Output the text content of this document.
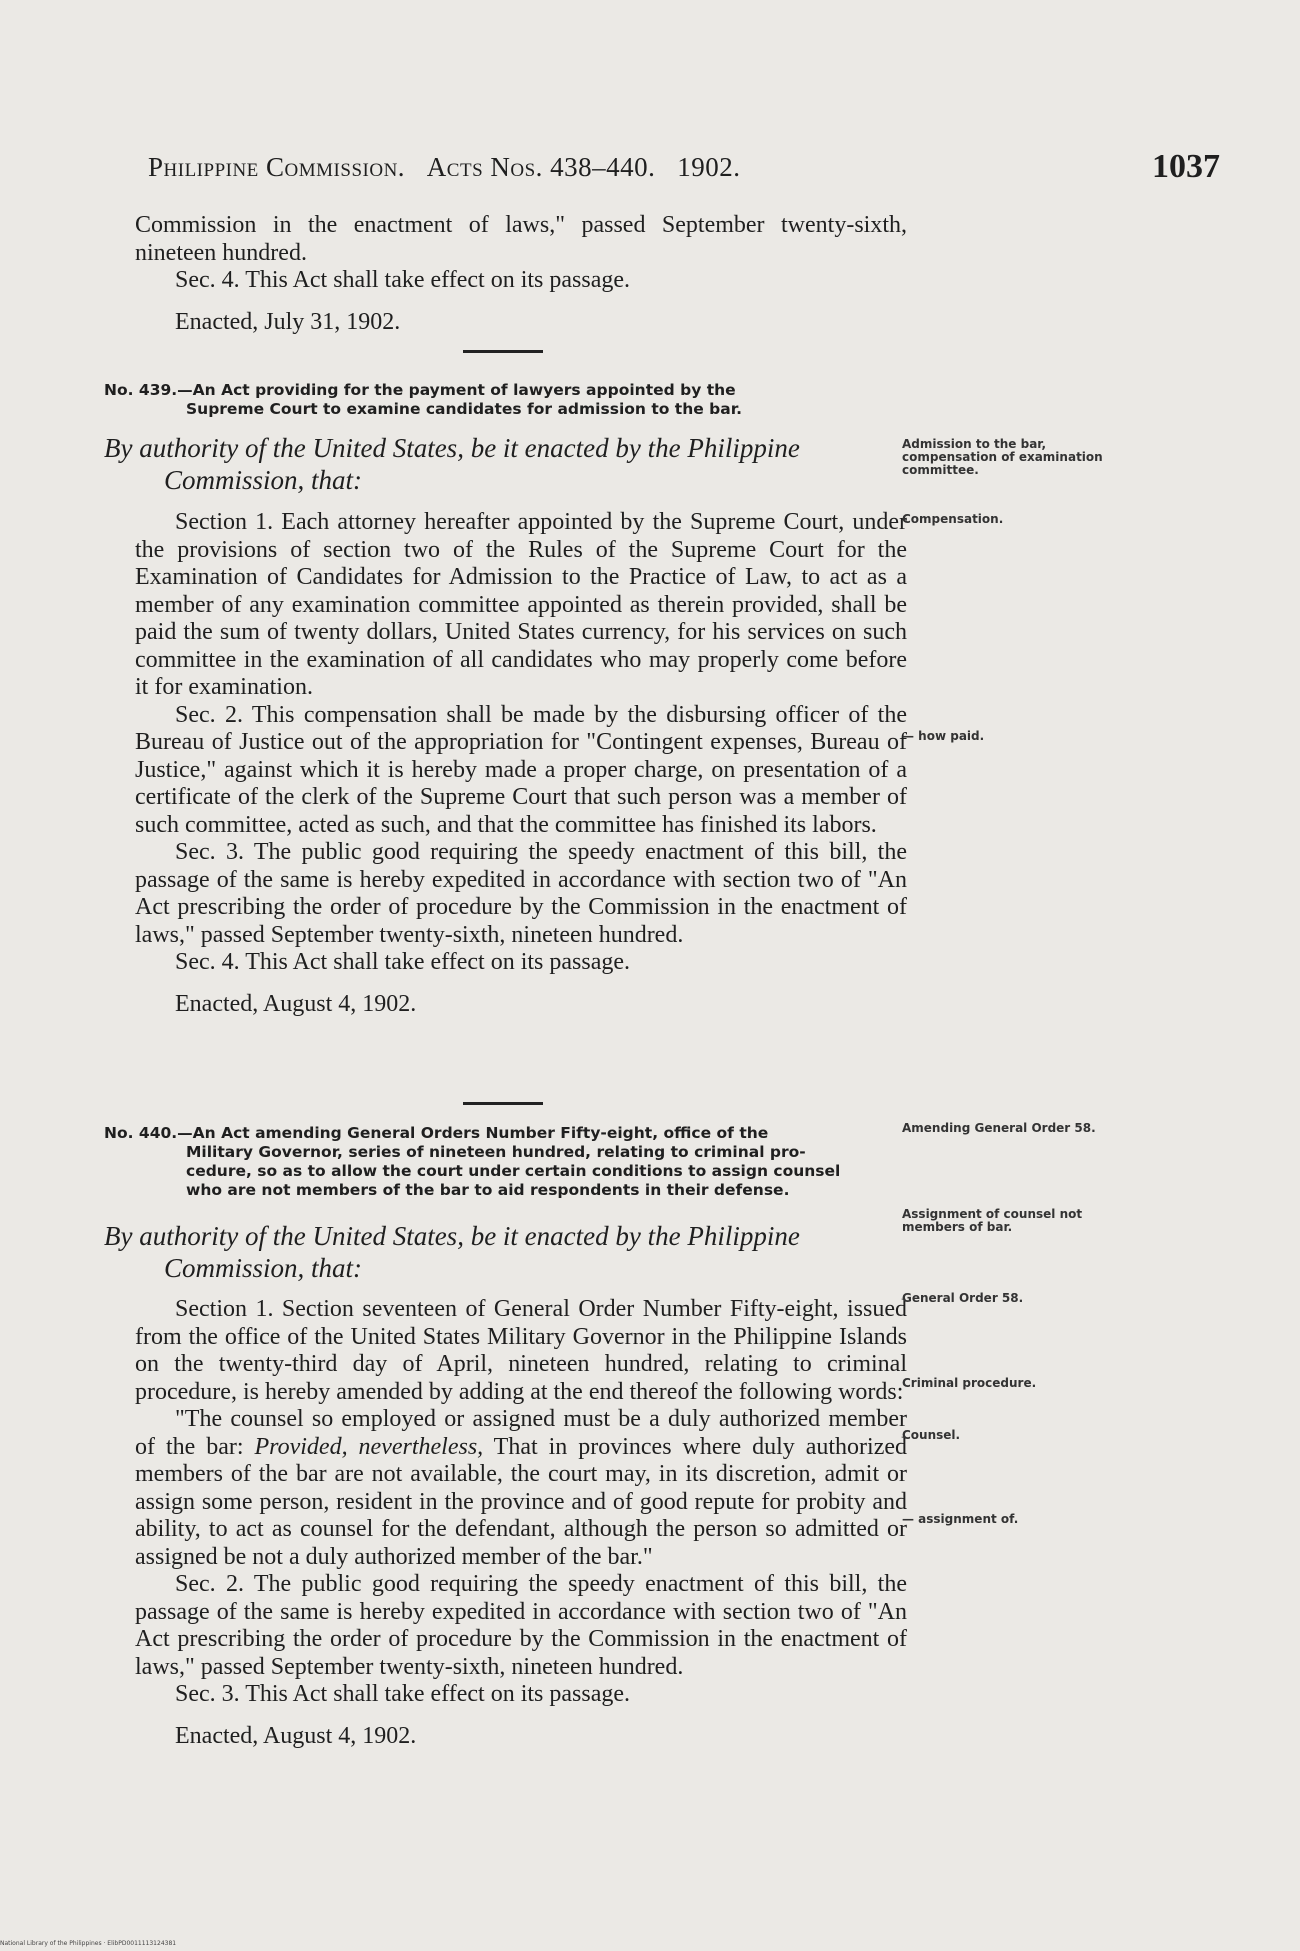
Philippine Commission. Acts Nos. 438–440. 1902.	1037

Commission in the enactment of laws," passed September twenty-sixth, nineteen hundred.

Sec. 4. This Act shall take effect on its passage.

Enacted, July 31, 1902.

No. 439.—An Act providing for the payment of lawyers appointed by the
Supreme Court to examine candidates for admission to the bar.
By authority of the United States, be it enacted by the Philippine
Commission, that:

Section 1. Each attorney hereafter appointed by the Supreme Court, under the provisions of section two of the Rules of the Supreme Court for the Examination of Candidates for Admission to the Practice of Law, to act as a member of any examination committee appointed as therein provided, shall be paid the sum of twenty dollars, United States currency, for his services on such committee in the examination of all candidates who may properly come before it for examination.

Sec. 2. This compensation shall be made by the disbursing officer of the Bureau of Justice out of the appropriation for "Contingent expenses, Bureau of Justice," against which it is hereby made a proper charge, on presentation of a certificate of the clerk of the Supreme Court that such person was a member of such committee, acted as such, and that the committee has finished its labors.

Sec. 3. The public good requiring the speedy enactment of this bill, the passage of the same is hereby expedited in accordance with section two of "An Act prescribing the order of procedure by the Commission in the enactment of laws," passed September twenty-sixth, nineteen hundred.

Sec. 4. This Act shall take effect on its passage.

Enacted, August 4, 1902.

No. 440.—An Act amending General Orders Number Fifty-eight, office of the
Military Governor, series of nineteen hundred, relating to criminal pro-
cedure, so as to allow the court under certain conditions to assign counsel
who are not members of the bar to aid respondents in their defense.
By authority of the United States, be it enacted by the Philippine
Commission, that:

Section 1. Section seventeen of General Order Number Fifty-eight, issued from the office of the United States Military Governor in the Philippine Islands on the twenty-third day of April, nineteen hundred, relating to criminal procedure, is hereby amended by adding at the end thereof the following words:

"The counsel so employed or assigned must be a duly authorized member of the bar: Provided, nevertheless, That in provinces where duly authorized members of the bar are not available, the court may, in its discretion, admit or assign some person, resident in the province and of good repute for probity and ability, to act as counsel for the defendant, although the person so admitted or assigned be not a duly authorized member of the bar."

Sec. 2. The public good requiring the speedy enactment of this bill, the passage of the same is hereby expedited in accordance with section two of "An Act prescribing the order of procedure by the Commission in the enactment of laws," passed September twenty-sixth, nineteen hundred.

Sec. 3. This Act shall take effect on its passage.

Enacted, August 4, 1902.

Admission to the bar, compensation of examination committee.
Compensation.
— how paid.
Amending General Order 58.
Assignment of counsel not members of bar.
General Order 58.
Criminal procedure.
Counsel.
— assignment of.
National Library of the Philippines · ElibPD0011113124381
